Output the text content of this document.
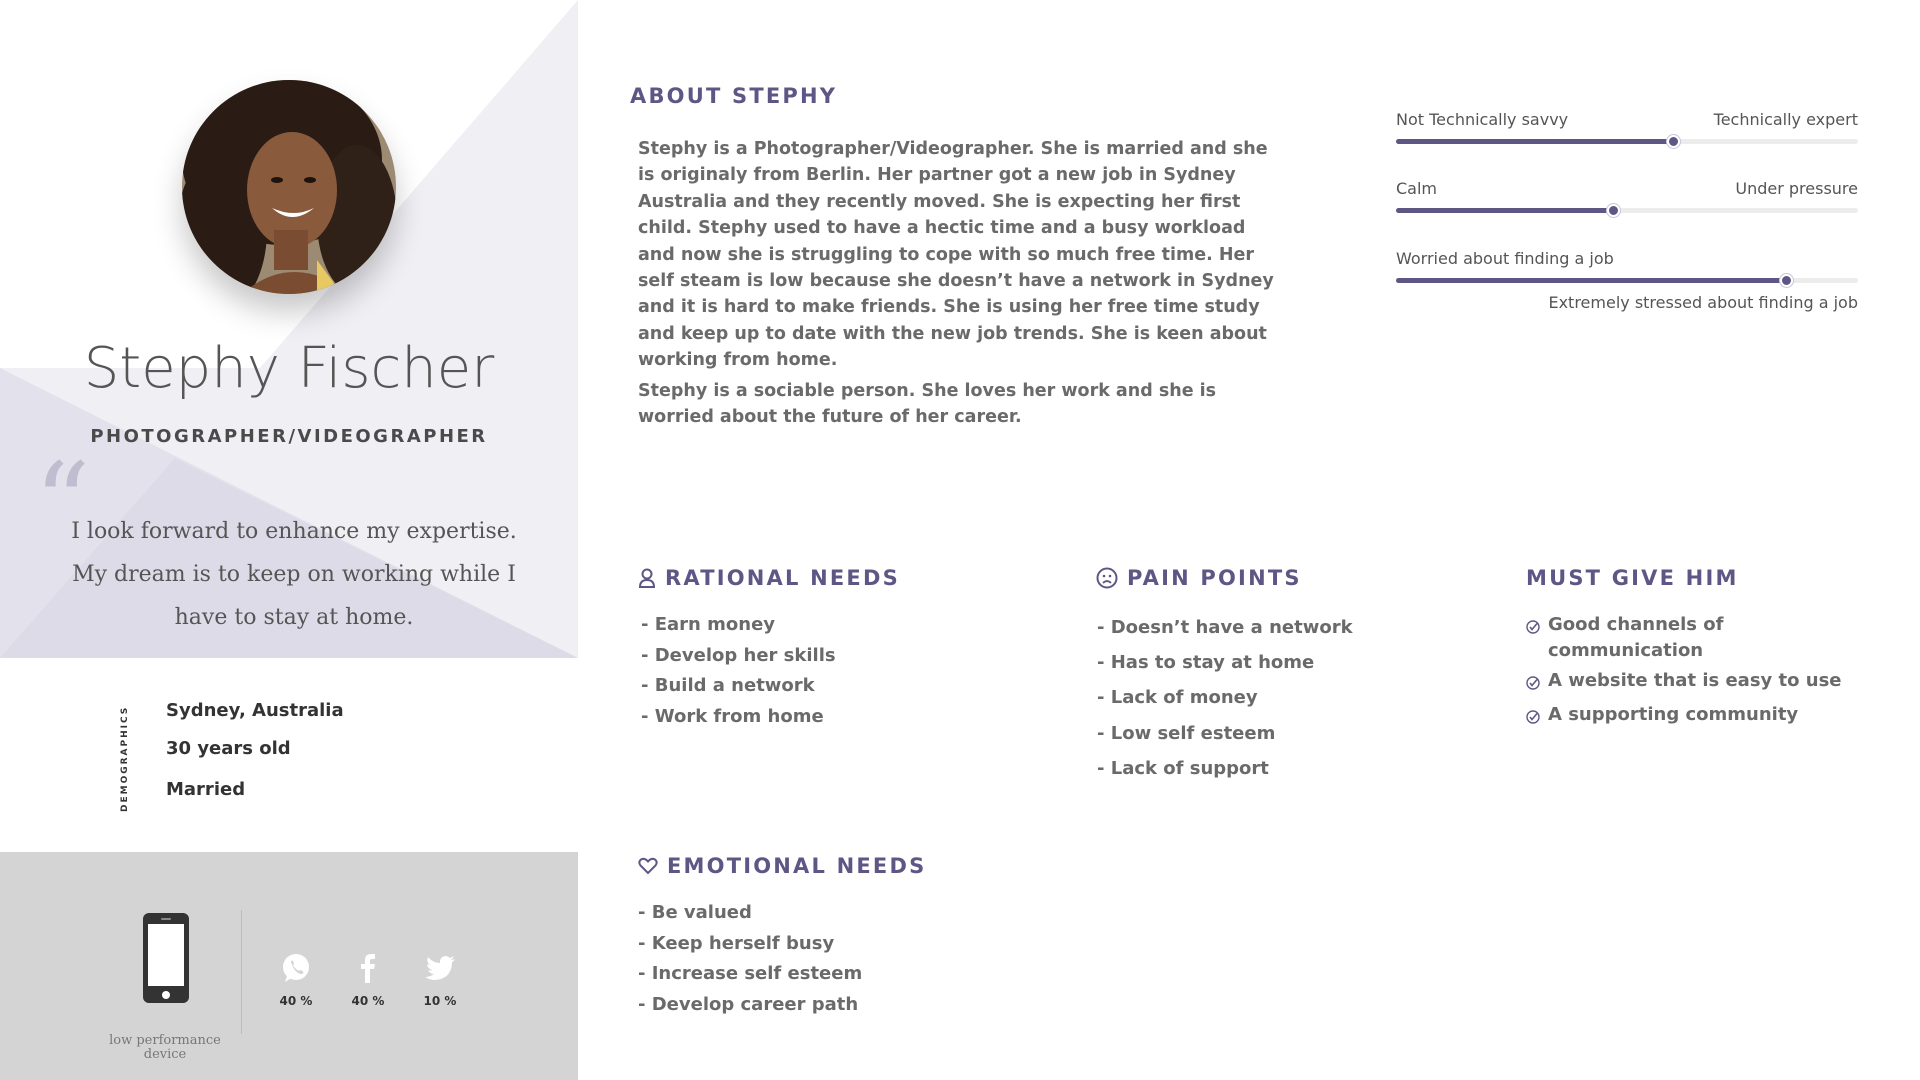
Stephy Fischer
PHOTOGRAPHER/VIDEOGRAPHER
“
I look forward to enhance my expertise. My dream is to keep on working while I have to stay at home.
DEMOGRAPHICS Sydney, Australia
30 years old
Married
low performance device
40 %	40 %	10 %
ABOUT STEPHY
Stephy is a Photographer/Videographer. She is married and she is originaly from Berlin. Her partner got a new job in Sydney Australia and they recently moved. She is expecting her first child. Stephy used to have a hectic time and a busy workload and now she is struggling to cope with so much free time. Her self steam is low because she doesn’t have a network in Sydney and it is hard to make friends. She is using her free time study and keep up to date with the new job trends. She is keen about working from home.
Stephy is a sociable person. She loves her work and she is worried about the future of her career.
Not Technically savvy	Technically expert
Calm	Under pressure
Worried about finding a job
Extremely stressed about finding a job
RATIONAL NEEDS
- Earn money
- Develop her skills
- Build a network
- Work from home
PAIN POINTS
- Doesn’t have a network
- Has to stay at home
- Lack of money
- Low self esteem
- Lack of support
MUST GIVE HIM
Good channels of communication
A website that is easy to use
A supporting community
EMOTIONAL NEEDS
- Be valued
- Keep herself busy
- Increase self esteem
- Develop career path
